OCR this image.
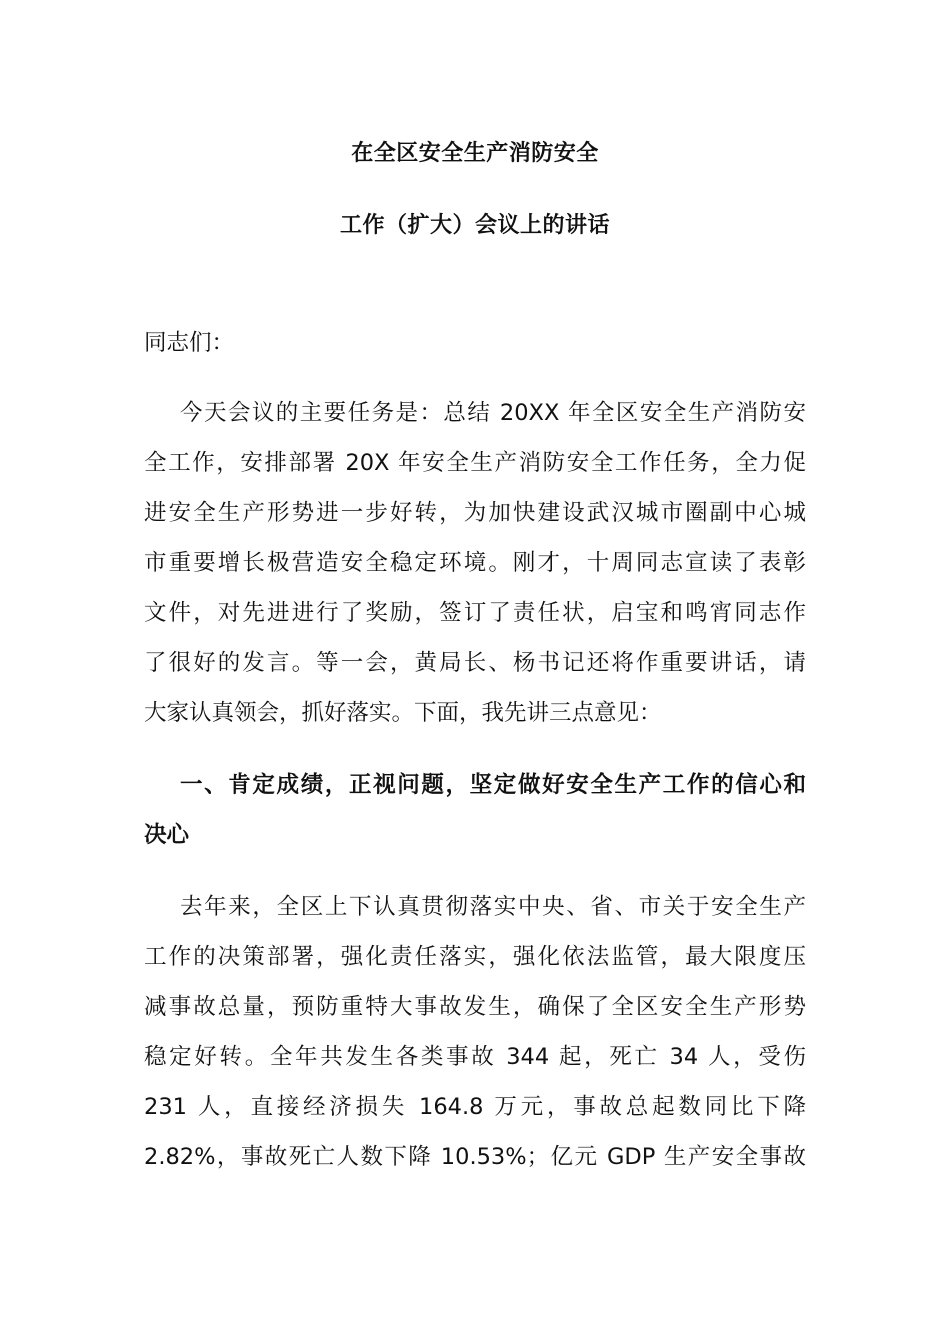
在全区安全生产消防安全
工作（扩大）会议上的讲话
同志们：
今天会议的主要任务是：总结 20XX 年全区安全生产消防安
全工作，安排部署 20X 年安全生产消防安全工作任务，全力促
进安全生产形势进一步好转，为加快建设武汉城市圈副中心城
市重要增长极营造安全稳定环境。刚才，十周同志宣读了表彰
文件，对先进进行了奖励，签订了责任状，启宝和鸣宵同志作
了很好的发言。等一会，黄局长、杨书记还将作重要讲话，请
大家认真领会，抓好落实。下面，我先讲三点意见：
一、肯定成绩，正视问题，坚定做好安全生产工作的信心和
决心
去年来，全区上下认真贯彻落实中央、省、市关于安全生产
工作的决策部署，强化责任落实，强化依法监管，最大限度压
减事故总量，预防重特大事故发生，确保了全区安全生产形势
稳定好转。全年共发生各类事故 344 起，死亡 34 人，受伤
231 人，直接经济损失 164.8 万元，事故总起数同比下降
2.82%，事故死亡人数下降 10.53%；亿元 GDP 生产安全事故
